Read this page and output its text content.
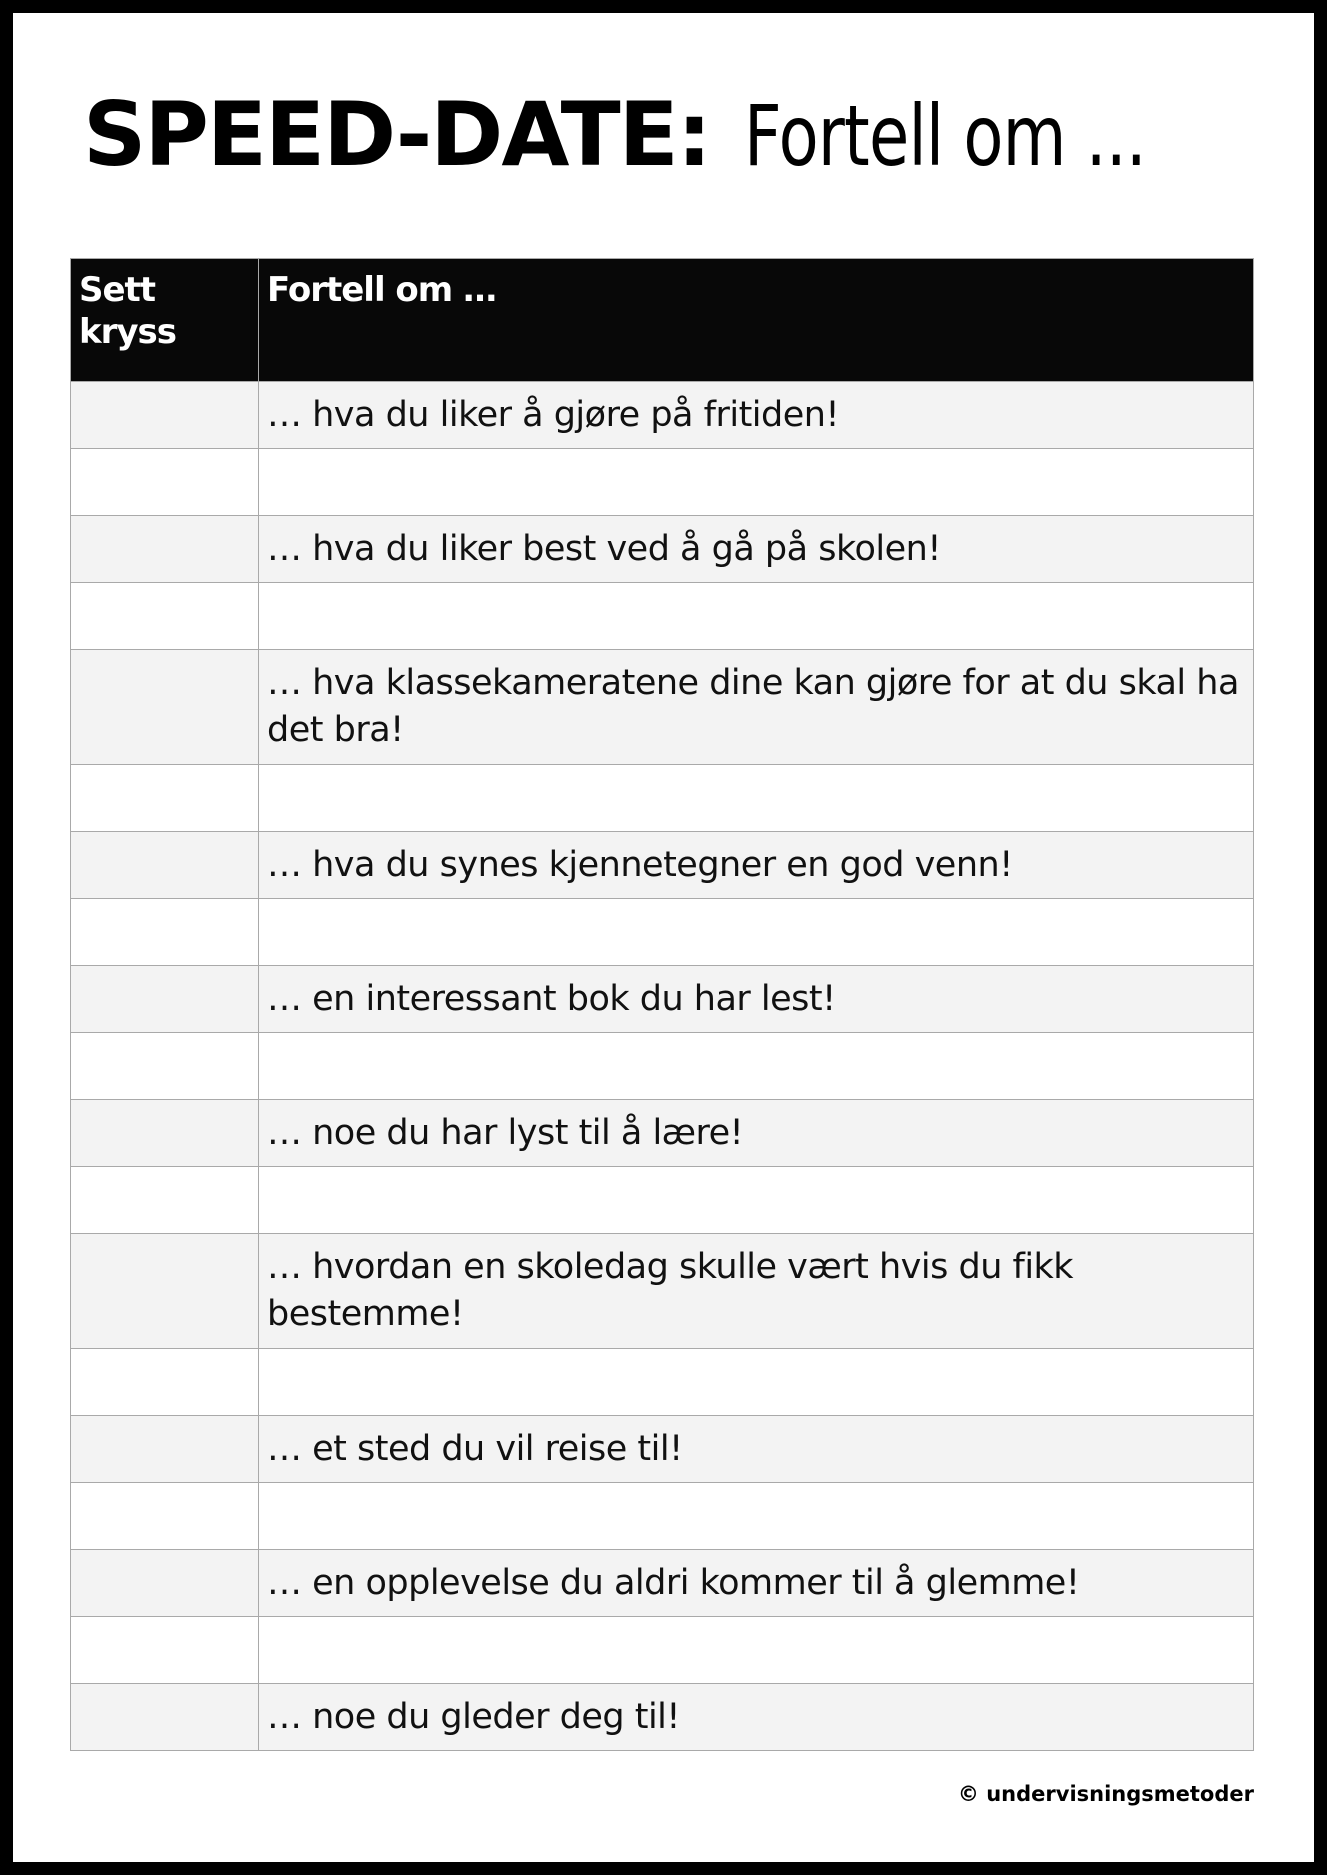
SPEED-DATE: Fortell om ...
Sett kryss	Fortell om …
	… hva du liker å gjøre på fritiden!

	… hva du liker best ved å gå på skolen!

	… hva klassekameratene dine kan gjøre for at du skal ha det bra!

	… hva du synes kjennetegner en god venn!

	… en interessant bok du har lest!

	… noe du har lyst til å lære!

	… hvordan en skoledag skulle vært hvis du fikk bestemme!

	… et sted du vil reise til!

	… en opplevelse du aldri kommer til å glemme!

	… noe du gleder deg til!
© undervisningsmetoder
